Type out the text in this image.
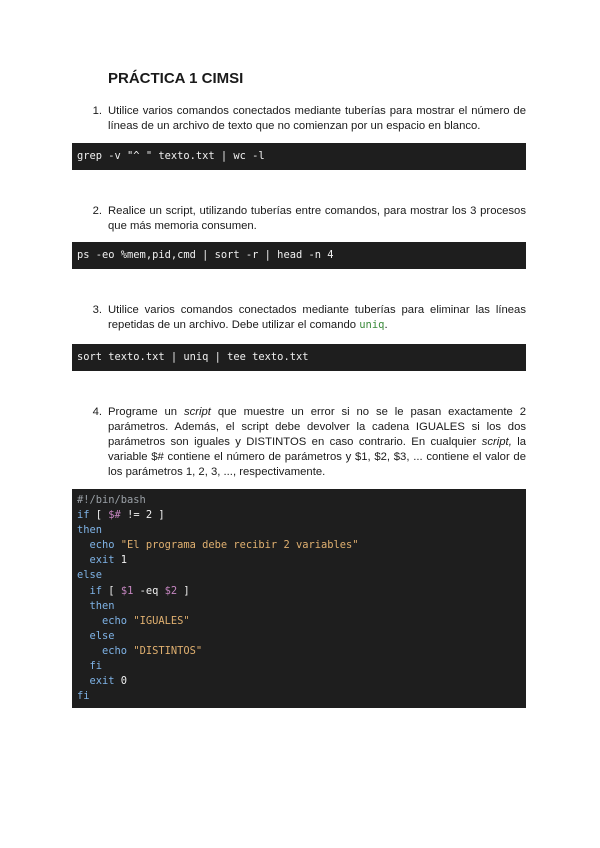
PRÁCTICA 1 CIMSI
1. Utilice varios comandos conectados mediante tuberías para mostrar el número de líneas de un archivo de texto que no comienzan por un espacio en blanco.
grep -v "^ " texto.txt | wc -l
2. Realice un script, utilizando tuberías entre comandos, para mostrar los 3 procesos que más memoria consumen.
ps -eo %mem,pid,cmd | sort -r | head -n 4
3. Utilice varios comandos conectados mediante tuberías para eliminar las líneas repetidas de un archivo. Debe utilizar el comando uniq.
sort texto.txt | uniq | tee texto.txt
4. Programe un script que muestre un error si no se le pasan exactamente 2 parámetros. Además, el script debe devolver la cadena IGUALES si los dos parámetros son iguales y DISTINTOS en caso contrario. En cualquier script, la variable $# contiene el número de parámetros y $1, $2, $3, ... contiene el valor de los parámetros 1, 2, 3, ..., respectivamente.
#!/bin/bash
if [ $# != 2 ]
then
echo "El programa debe recibir 2 variables"
exit 1
else
if [ $1 -eq $2 ]
then
echo "IGUALES"
else
echo "DISTINTOS"
fi
exit 0
fi
